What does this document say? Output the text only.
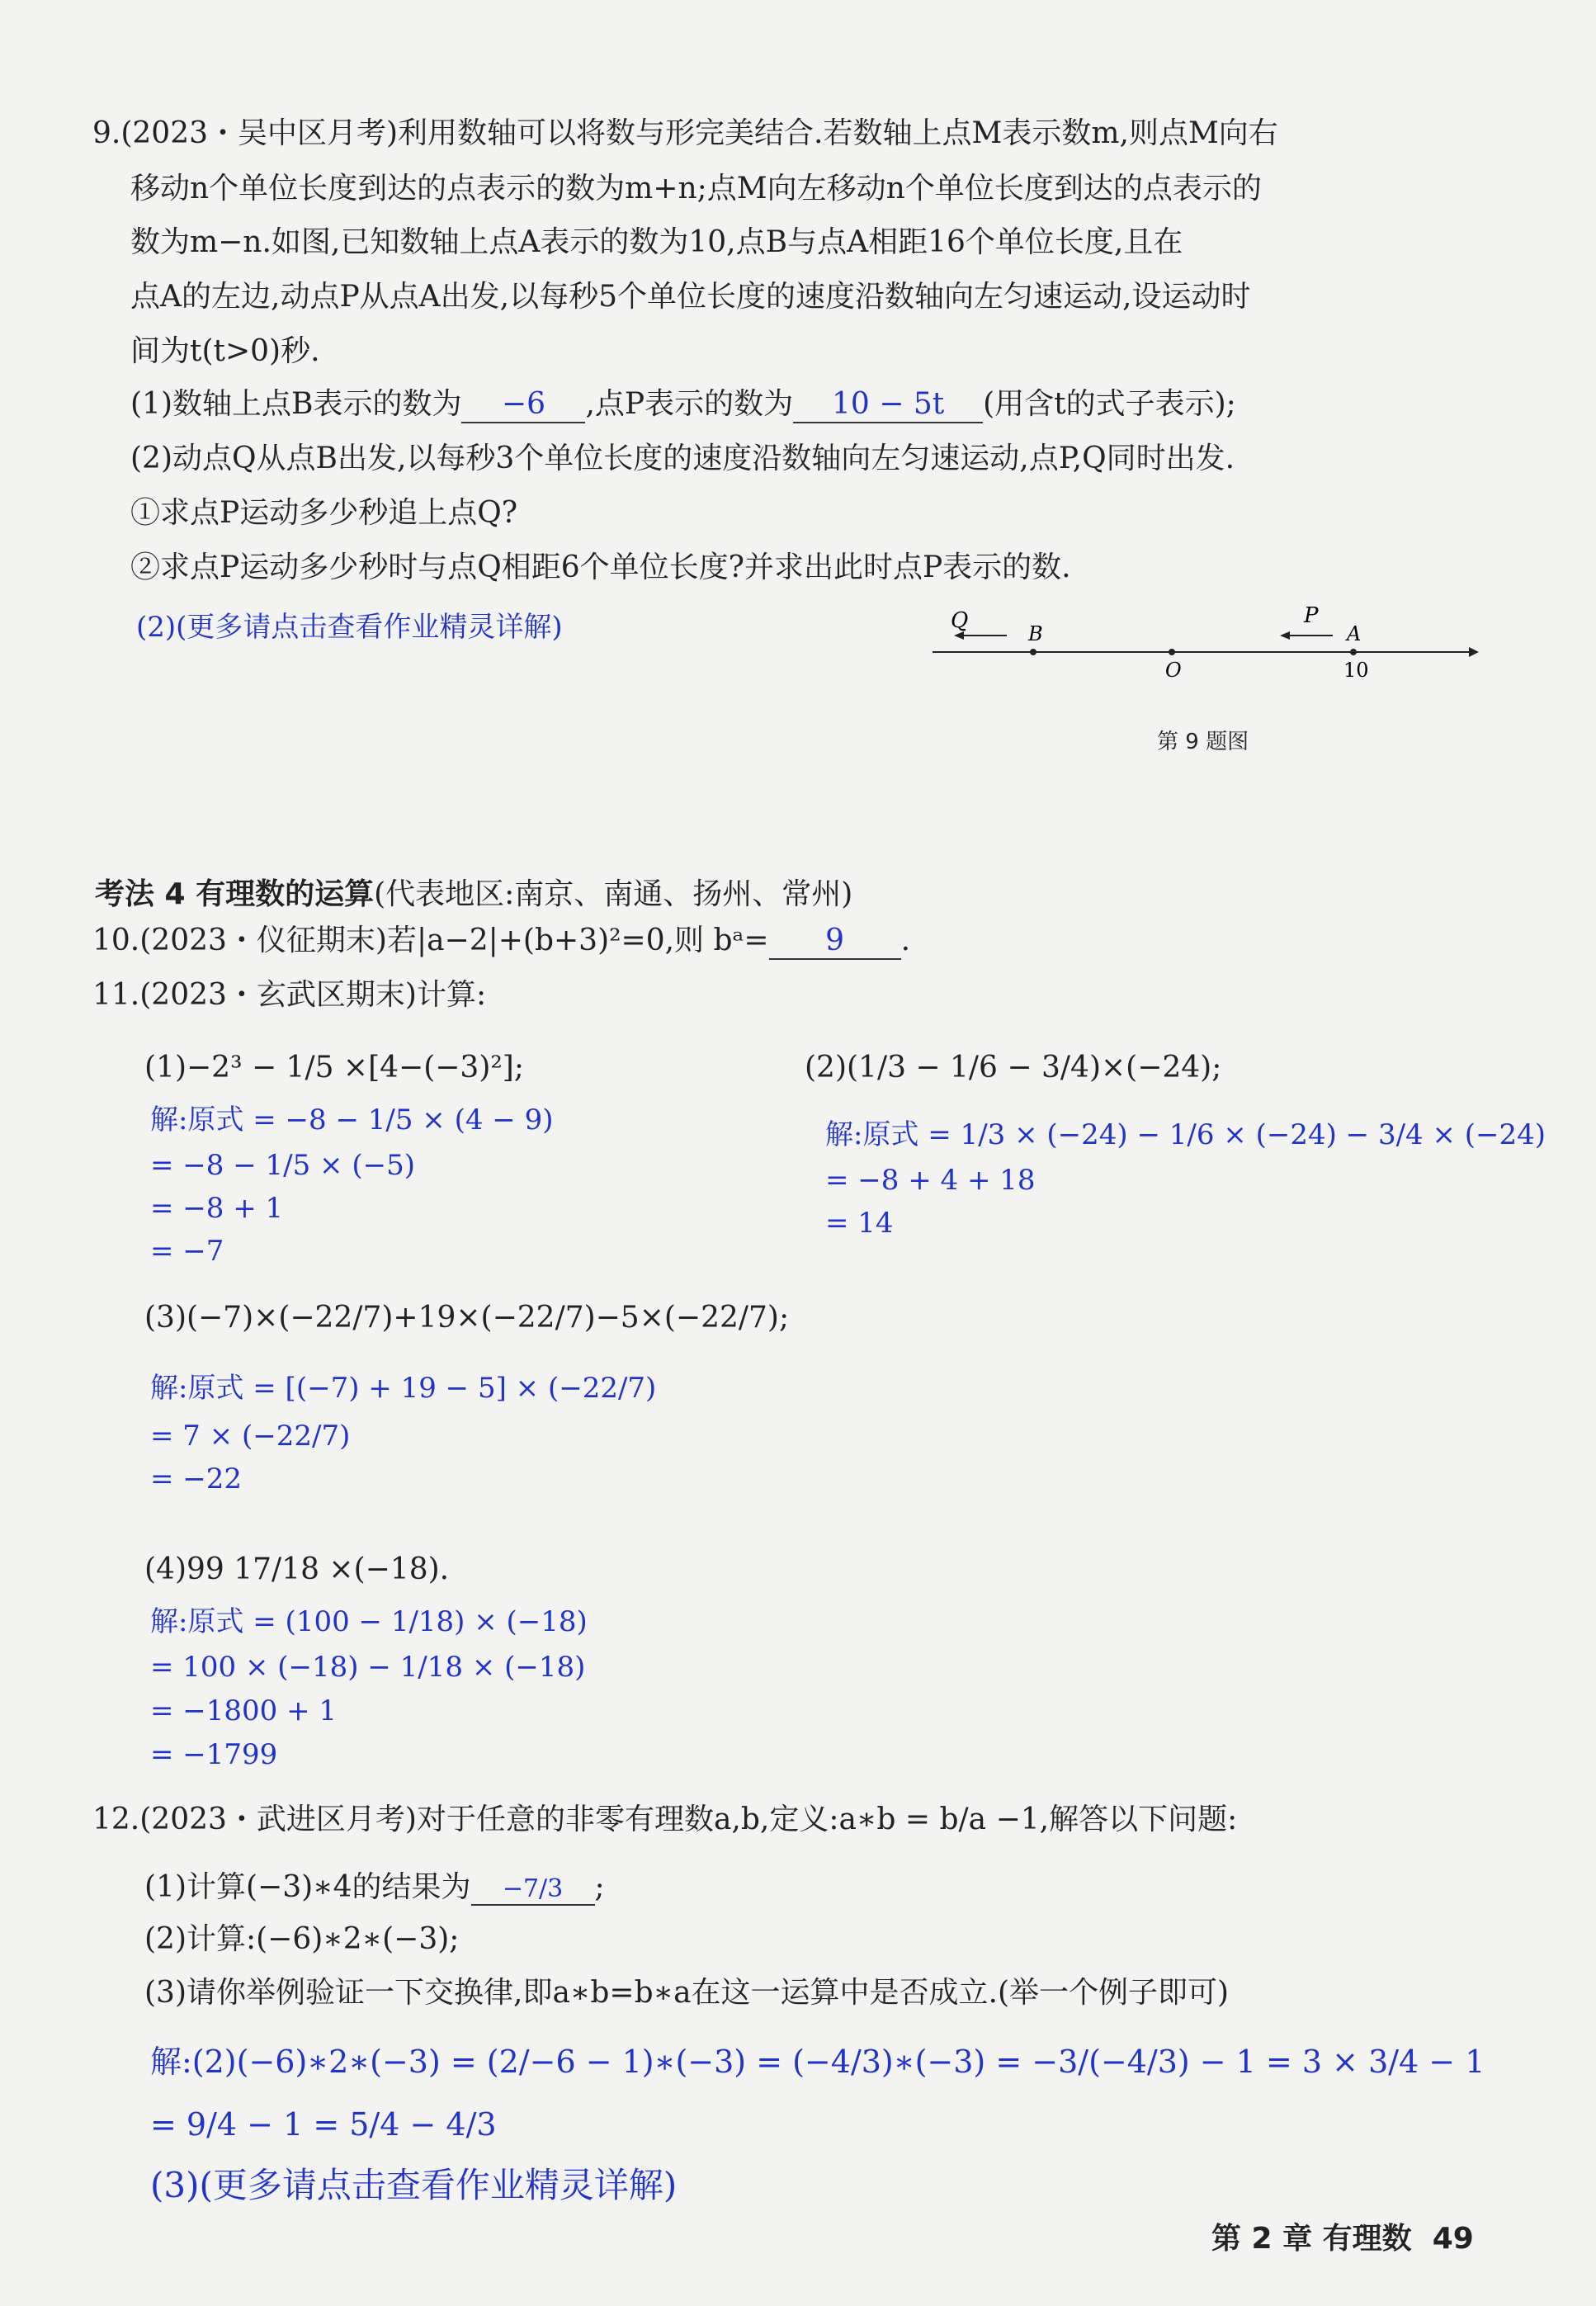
9.(2023・吴中区月考)利用数轴可以将数与形完美结合.若数轴上点M表示数m,则点M向右
移动n个单位长度到达的点表示的数为m+n;点M向左移动n个单位长度到达的点表示的
数为m−n.如图,已知数轴上点A表示的数为10,点B与点A相距16个单位长度,且在
点A的左边,动点P从点A出发,以每秒5个单位长度的速度沿数轴向左匀速运动,设运动时
间为t(t>0)秒.
(1)数轴上点B表示的数为 −6 ,点P表示的数为 10 − 5t (用含t的式子表示);
(2)动点Q从点B出发,以每秒3个单位长度的速度沿数轴向左匀速运动,点P,Q同时出发.
①求点P运动多少秒追上点Q?
②求点P运动多少秒时与点Q相距6个单位长度?并求出此时点P表示的数.
(2)(更多请点击查看作业精灵详解)	Q
B
P
A
O	10
第 9 题图
考法 4 有理数的运算(代表地区:南京、南通、扬州、常州)
10.(2023・仪征期末)若|a−2|+(b+3)²=0,则 bᵃ= 9 .
11.(2023・玄武区期末)计算:
(1)−2³ − 1/5 ×[4−(−3)²];
解:原式 = −8 − 1/5 × (4 − 9)
= −8 − 1/5 × (−5)
= −8 + 1
= −7
(2)(1/3 − 1/6 − 3/4)×(−24);
解:原式 = 1/3 × (−24) − 1/6 × (−24) − 3/4 × (−24)
= −8 + 4 + 18
= 14
(3)(−7)×(−22/7)+19×(−22/7)−5×(−22/7);
解:原式 = [(−7) + 19 − 5] × (−22/7)
= 7 × (−22/7)
= −22
(4)99 17/18 ×(−18).
解:原式 = (100 − 1/18) × (−18)
= 100 × (−18) − 1/18 × (−18)
= −1800 + 1
= −1799
12.(2023・武进区月考)对于任意的非零有理数a,b,定义:a∗b = b/a −1,解答以下问题:
(1)计算(−3)∗4的结果为 −7/3 ;
(2)计算:(−6)∗2∗(−3);
(3)请你举例验证一下交换律,即a∗b=b∗a在这一运算中是否成立.(举一个例子即可)
解:(2)(−6)∗2∗(−3) = (2/−6 − 1)∗(−3) = (−4/3)∗(−3) = −3/(−4/3) − 1 = 3 × 3/4 − 1
= 9/4 − 1 = 5/4 − 4/3
(3)(更多请点击查看作业精灵详解)
第 2 章 有理数 49
